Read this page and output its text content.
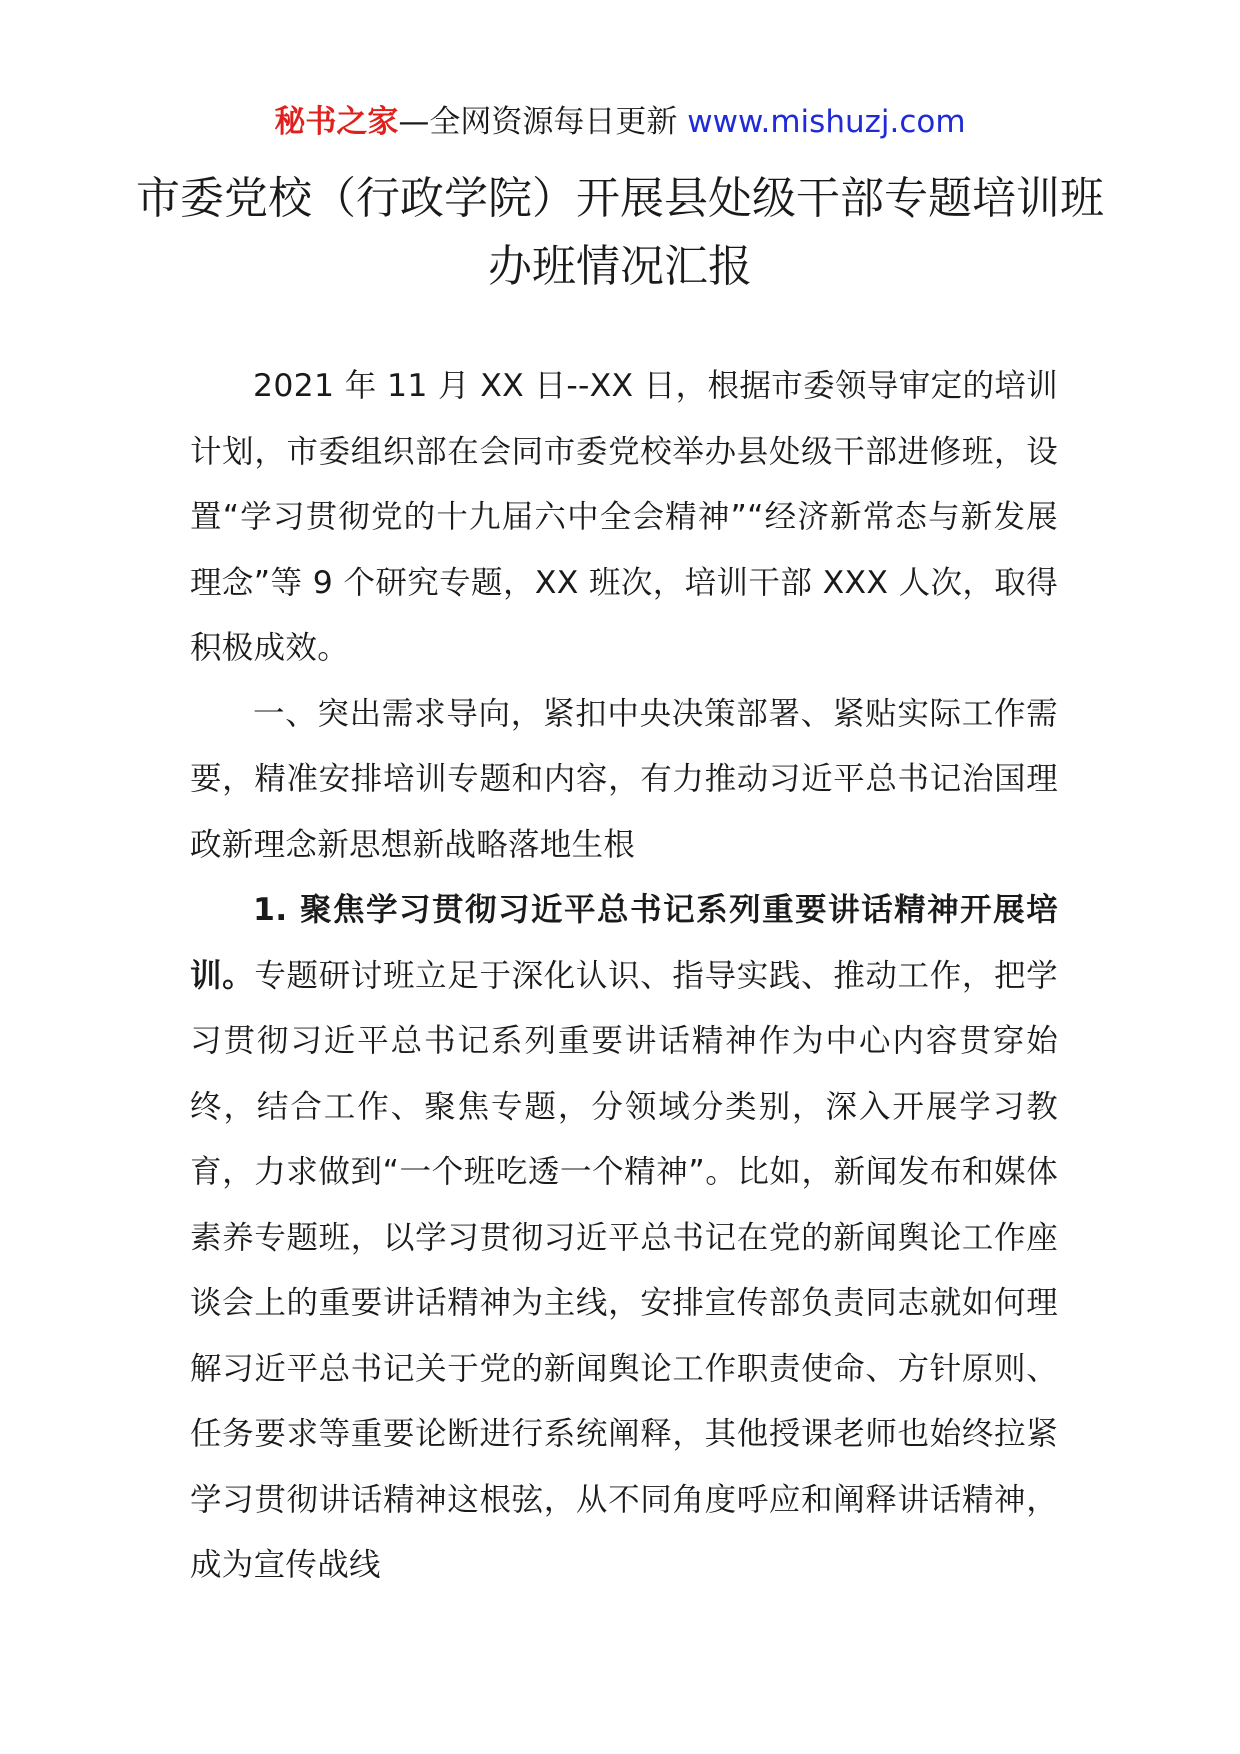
秘书之家—全网资源每日更新 www.mishuzj.com
市委党校（行政学院）开展县处级干部专题培训班办班情况汇报

2021 年 11 月 XX 日--XX 日，根据市委领导审定的培训计划，市委组织部在会同市委党校举办县处级干部进修班，设置“学习贯彻党的十九届六中全会精神”“经济新常态与新发展理念”等 9 个研究专题，XX 班次，培训干部 XXX 人次，取得积极成效。

一、突出需求导向，紧扣中央决策部署、紧贴实际工作需要，精准安排培训专题和内容，有力推动习近平总书记治国理政新理念新思想新战略落地生根

1. 聚焦学习贯彻习近平总书记系列重要讲话精神开展培训。专题研讨班立足于深化认识、指导实践、推动工作，把学习贯彻习近平总书记系列重要讲话精神作为中心内容贯穿始终，结合工作、聚焦专题，分领域分类别，深入开展学习教育，力求做到“一个班吃透一个精神”。比如，新闻发布和媒体素养专题班，以学习贯彻习近平总书记在党的新闻舆论工作座谈会上的重要讲话精神为主线，安排宣传部负责同志就如何理解习近平总书记关于党的新闻舆论工作职责使命、方针原则、任务要求等重要论断进行系统阐释，其他授课老师也始终拉紧学习贯彻讲话精神这根弦，从不同角度呼应和阐释讲话精神，成为宣传战线
